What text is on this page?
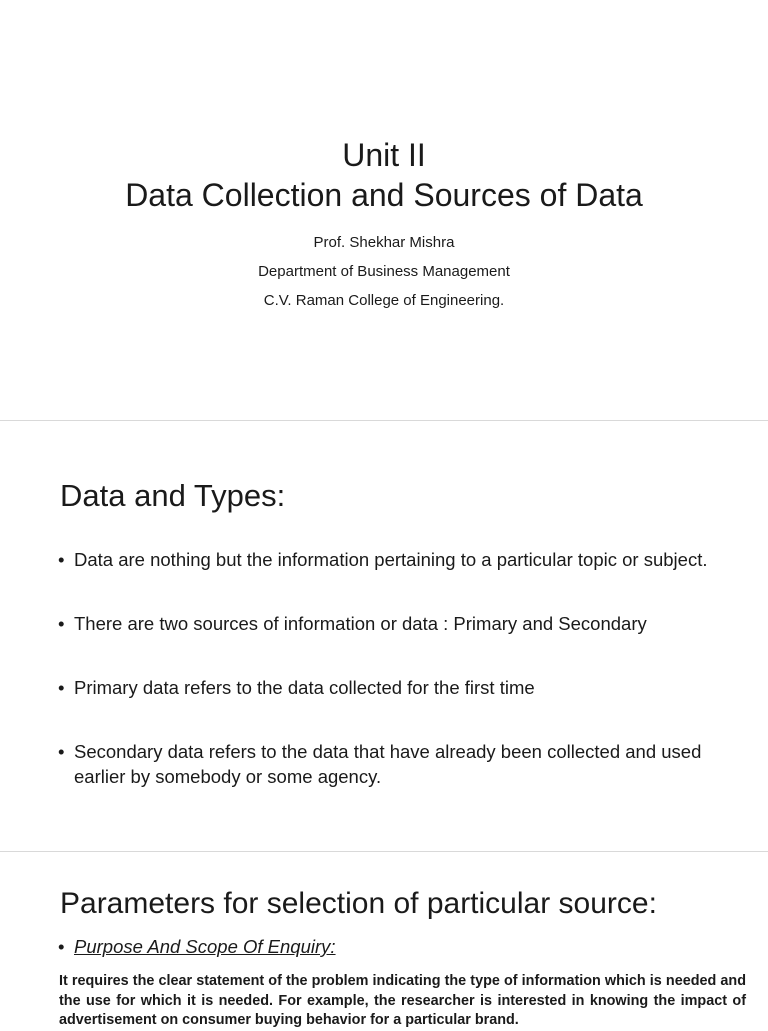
Unit II
Data Collection and Sources of Data
Prof. Shekhar Mishra
Department of Business Management
C.V. Raman College of Engineering.
Data and Types:
• Data are nothing but the information pertaining to a particular topic or subject.
• There are two sources of information or data : Primary and Secondary
• Primary data refers to the data collected for the first time
• Secondary data refers to the data that have already been collected and used earlier by somebody or some agency.
Parameters for selection of particular source:
• Purpose And Scope Of Enquiry:

It requires the clear statement of the problem indicating the type of information which is needed and the use for which it is needed. For example, the researcher is interested in knowing the impact of advertisement on consumer buying behavior for a particular brand.
